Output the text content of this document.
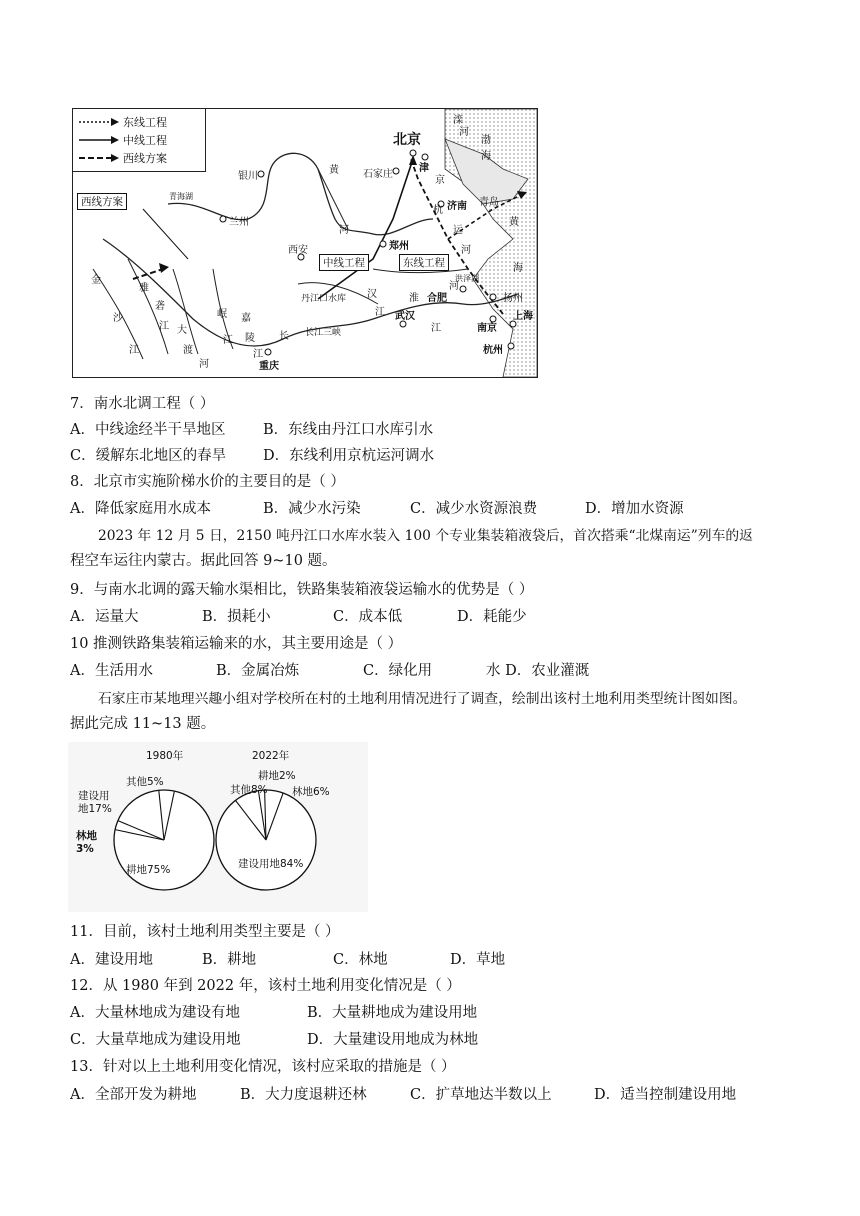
东线工程
中线工程
西线方案
西线方案
中线工程	东线工程
北京
津
石家庄
银川
兰州
青海湖
西安	郑州
济南 青岛
合肥
南京
上海
杭州
武汉
重庆
扬州
丹江口水库
长江三峡
洪泽湖
黄
河
长
江
江
汉	淮
河
滦
河
京
杭
运
河
金
沙
江
雅
砻
江 大
渡
河
岷
江
嘉
陵
江
渤
海
黄
海
7．南水北调工程（ ）
A．中线途经半干旱地区	B．东线由丹江口水库引水
C．缓解东北地区的春旱	D．东线利用京杭运河调水
8．北京市实施阶梯水价的主要目的是（ ）
A．降低家庭用水成本	B．减少水污染	C．减少水资源浪费	D．增加水资源
2023 年 12 月 5 日，2150 吨丹江口水库水装入 100 个专业集装箱液袋后，首次搭乘“北煤南运”列车的返
程空车运往内蒙古。据此回答 9~10 题。
9．与南水北调的露天输水渠相比，铁路集装箱液袋运输水的优势是（ ）
A．运量大	B．损耗小	C．成本低	D．耗能少
10 推测铁路集装箱运输来的水，其主要用途是（ ）
A．生活用水	B．金属冶炼	C．绿化用	水 D．农业灌溉
石家庄市某地理兴趣小组对学校所在村的土地利用情况进行了调查，绘制出该村土地利用类型统计图如图。
据此完成 11~13 题。
1980年
其他5%
建设用
地17%
林地
3%
耕地75%
2022年
耕地2%
其他8% 林地6%
建设用地84%
11．目前，该村土地利用类型主要是（ ）
A．建设用地	B．耕地	C．林地	D．草地
12．从 1980 年到 2022 年，该村土地利用变化情况是（ ）
A．大量林地成为建设有地	B．大量耕地成为建设用地
C．大量草地成为建设用地	D．大量建设用地成为林地
13．针对以上土地利用变化情况，该村应采取的措施是（ ）
A．全部开发为耕地	B．大力度退耕还林	C．扩草地达半数以上	D．适当控制建设用地
